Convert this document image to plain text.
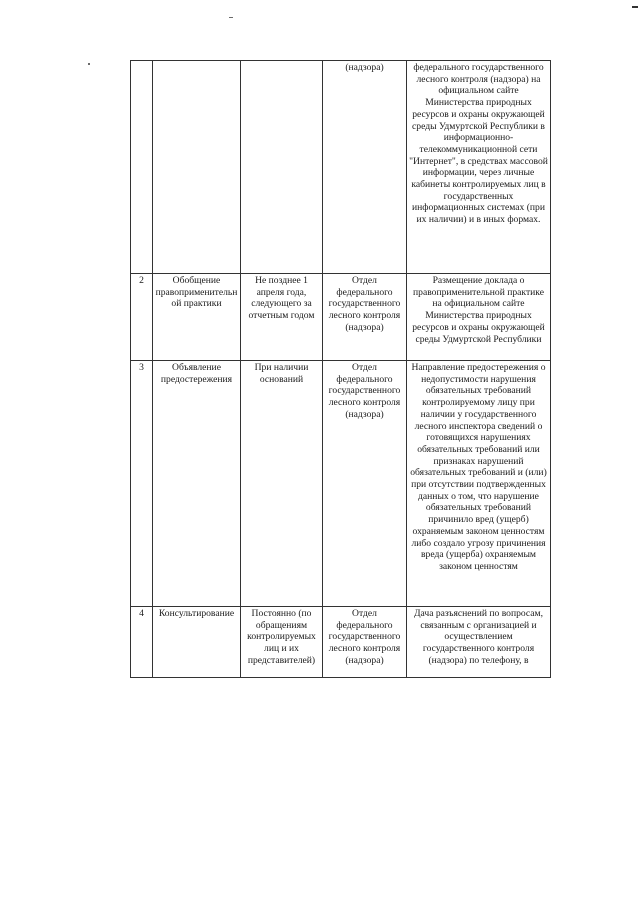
			(надзора)	федерального государственного лесного контроля (надзора) на официальном сайте Министерства природных ресурсов и охраны окружающей среды Удмуртской Республики в информационно-телекоммуникационной сети "Интернет", в средствах массовой информации, через личные кабинеты контролируемых лиц в государственных информационных системах (при их наличии) и в иных формах.
2	Обобщение правоприменительной практики	Не позднее 1 апреля года, следующего за отчетным годом	Отдел федерального государственного лесного контроля (надзора)	Размещение доклада о правоприменительной практике на официальном сайте Министерства природных ресурсов и охраны окружающей среды Удмуртской Республики
3	Объявление предостережения	При наличии оснований	Отдел федерального государственного лесного контроля (надзора)	Направление предостережения о недопустимости нарушения обязательных требований контролируемому лицу при наличии у государственного лесного инспектора сведений о готовящихся нарушениях обязательных требований или признаках нарушений обязательных требований и (или) при отсутствии подтвержденных данных о том, что нарушение обязательных требований причинило вред (ущерб) охраняемым законом ценностям либо создало угрозу причинения вреда (ущерба) охраняемым законом ценностям
4	Консультирование	Постоянно (по обращениям контролируемых лиц и их представителей)	Отдел федерального государственного лесного контроля (надзора)	Дача разъяснений по вопросам, связанным с организацией и осуществлением государственного контроля (надзора) по телефону, в
